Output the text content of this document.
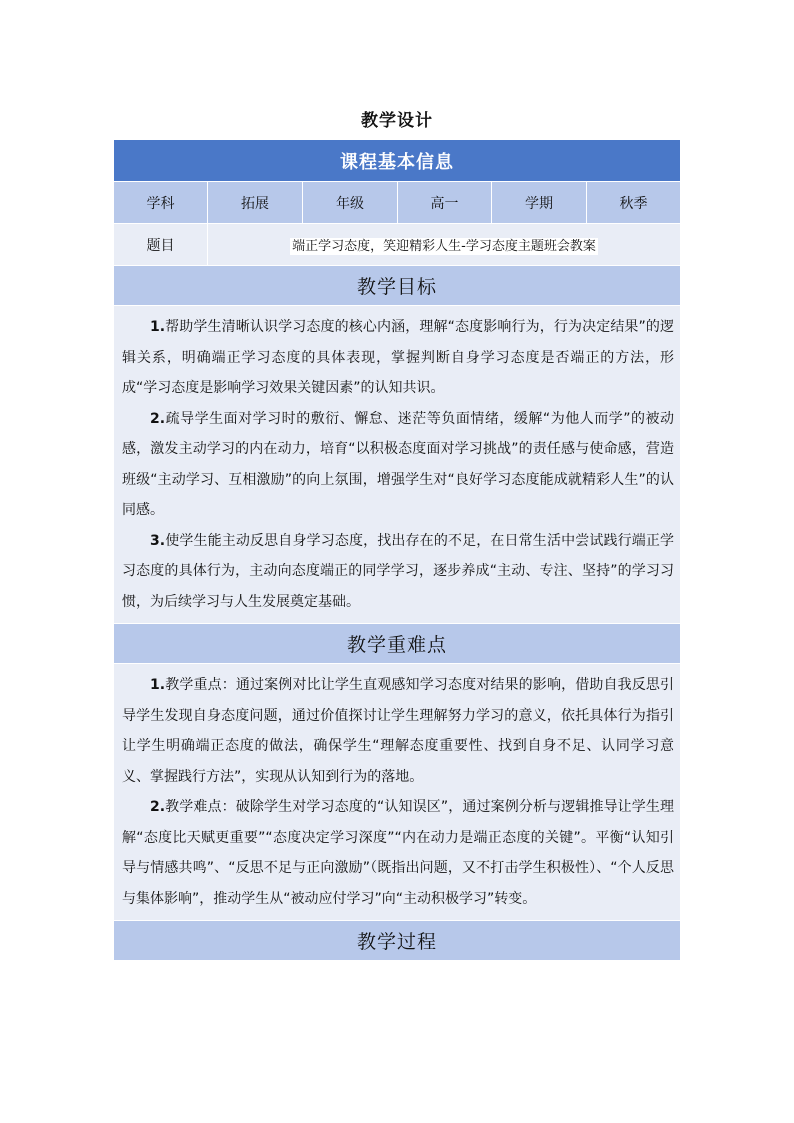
教学设计
课程基本信息					
学科	拓展	年级	高一	学期	秋季
题目	端正学习态度，笑迎精彩人生-学习态度主题班会教案				
教学目标					

1.帮助学生清晰认识学习态度的核心内涵，理解“态度影响行为，行为决定结果”的逻辑关系，明确端正学习态度的具体表现，掌握判断自身学习态度是否端正的方法，形成“学习态度是影响学习效果关键因素”的认知共识。

2.疏导学生面对学习时的敷衍、懈怠、迷茫等负面情绪，缓解“为他人而学”的被动感，激发主动学习的内在动力，培育“以积极态度面对学习挑战”的责任感与使命感，营造班级“主动学习、互相激励”的向上氛围，增强学生对“良好学习态度能成就精彩人生”的认同感。

3.使学生能主动反思自身学习态度，找出存在的不足，在日常生活中尝试践行端正学习态度的具体行为，主动向态度端正的同学学习，逐步养成“主动、专注、坚持”的学习习惯，为后续学习与人生发展奠定基础。					

教学重难点					

1.教学重点：通过案例对比让学生直观感知学习态度对结果的影响，借助自我反思引导学生发现自身态度问题，通过价值探讨让学生理解努力学习的意义，依托具体行为指引让学生明确端正态度的做法，确保学生“理解态度重要性、找到自身不足、认同学习意义、掌握践行方法”，实现从认知到行为的落地。

2.教学难点：破除学生对学习态度的“认知误区”，通过案例分析与逻辑推导让学生理解“态度比天赋更重要”“态度决定学习深度”“内在动力是端正态度的关键”。平衡“认知引导与情感共鸣”、“反思不足与正向激励”（既指出问题，又不打击学生积极性）、“个人反思与集体影响”，推动学生从“被动应付学习”向“主动积极学习”转变。					

教学过程					
